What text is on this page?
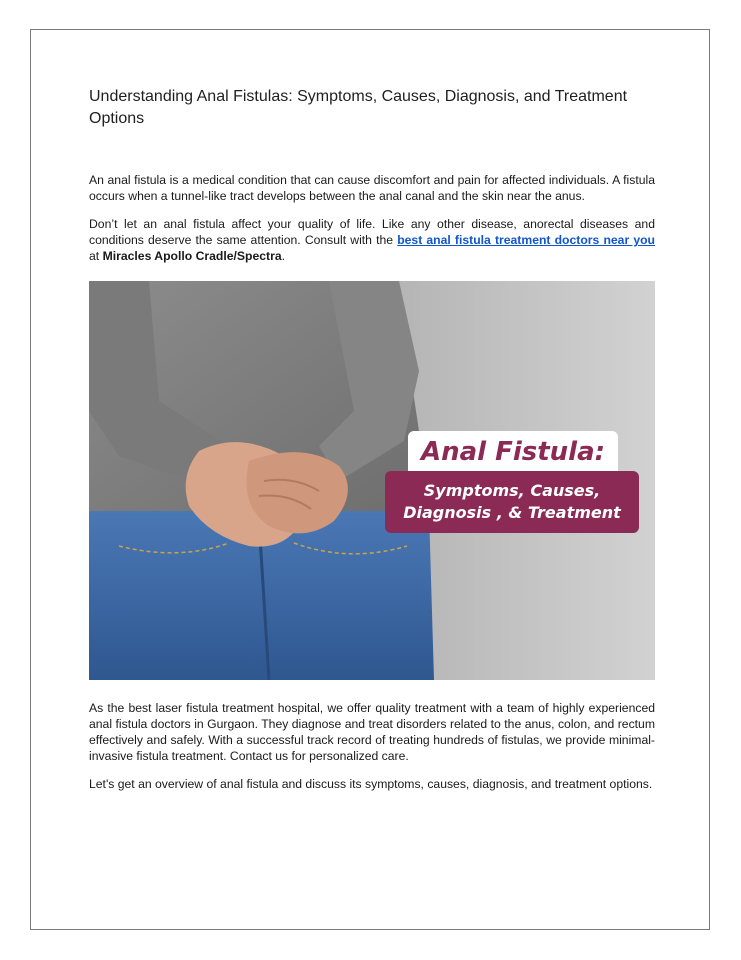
Understanding Anal Fistulas: Symptoms, Causes, Diagnosis, and Treatment Options

An anal fistula is a medical condition that can cause discomfort and pain for affected individuals. A fistula occurs when a tunnel-like tract develops between the anal canal and the skin near the anus.

Don’t let an anal fistula affect your quality of life. Like any other disease, anorectal diseases and conditions deserve the same attention. Consult with the best anal fistula treatment doctors near you at Miracles Apollo Cradle/Spectra.

Anal Fistula:
Symptoms, Causes,
Diagnosis , & Treatment

As the best laser fistula treatment hospital, we offer quality treatment with a team of highly experienced anal fistula doctors in Gurgaon. They diagnose and treat disorders related to the anus, colon, and rectum effectively and safely. With a successful track record of treating hundreds of fistulas, we provide minimal-invasive fistula treatment. Contact us for personalized care.

Let's get an overview of anal fistula and discuss its symptoms, causes, diagnosis, and treatment options.
